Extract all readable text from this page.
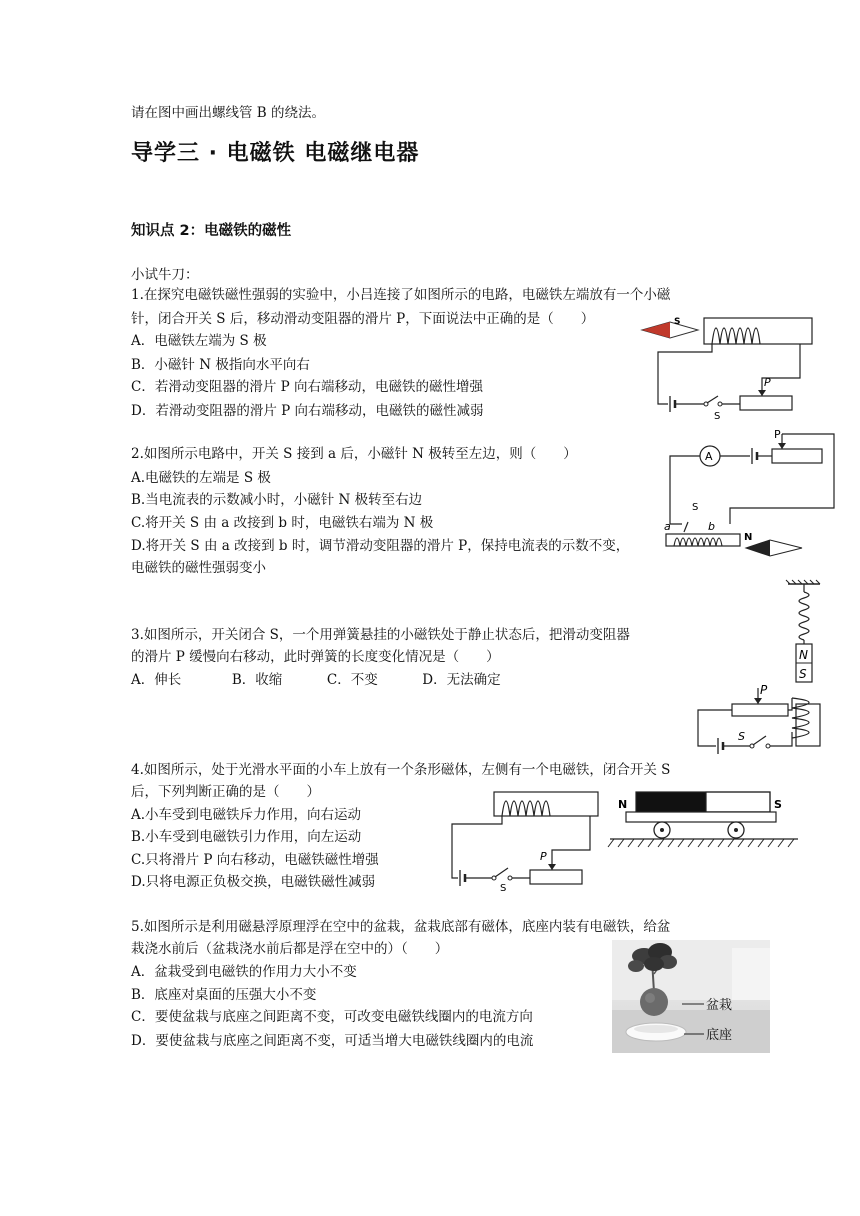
请在图中画出螺线管 B 的绕法。
导学三 · 电磁铁 电磁继电器
知识点 2：电磁铁的磁性
小试牛刀：
1.在探究电磁铁磁性强弱的实验中，小吕连接了如图所示的电路，电磁铁左端放有一个小磁
针，闭合开关 S 后，移动滑动变阻器的滑片 P，下面说法中正确的是（　　）
A．电磁铁左端为 S 极
B．小磁针 N 极指向水平向右
C．若滑动变阻器的滑片 P 向右端移动，电磁铁的磁性增强
D．若滑动变阻器的滑片 P 向右端移动，电磁铁的磁性减弱
N S
S
P
2.如图所示电路中，开关 S 接到 a 后，小磁针 N 极转至左边，则（　　）
A.电磁铁的左端是 S 极
B.当电流表的示数减小时，小磁针 N 极转至右边
C.将开关 S 由 a 改接到 b 时，电磁铁右端为 N 极
D.将开关 S 由 a 改接到 b 时，调节滑动变阻器的滑片 P，保持电流表的示数不变，
电磁铁的磁性强弱变小
A
P
S
a	b
N
3.如图所示，开关闭合 S，一个用弹簧悬挂的小磁铁处于静止状态后，把滑动变阻器
的滑片 P 缓慢向右移动，此时弹簧的长度变化情况是（　　）
A．伸长	B．收缩	C．不变	D．无法确定
N
S
P
S
4.如图所示，处于光滑水平面的小车上放有一个条形磁体，左侧有一个电磁铁，闭合开关 S
后，下列判断正确的是（　　）
A.小车受到电磁铁斥力作用，向右运动
B.小车受到电磁铁引力作用，向左运动
C.只将滑片 P 向右移动，电磁铁磁性增强
D.只将电源正负极交换，电磁铁磁性减弱	S
P
N	S
5.如图所示是利用磁悬浮原理浮在空中的盆栽，盆栽底部有磁体，底座内装有电磁铁，给盆
栽浇水前后（盆栽浇水前后都是浮在空中的）（　　）
A．盆栽受到电磁铁的作用力大小不变
B．底座对桌面的压强大小不变
C．要使盆栽与底座之间距离不变，可改变电磁铁线圈内的电流方向
D．要使盆栽与底座之间距离不变，可适当增大电磁铁线圈内的电流
盆栽
底座
